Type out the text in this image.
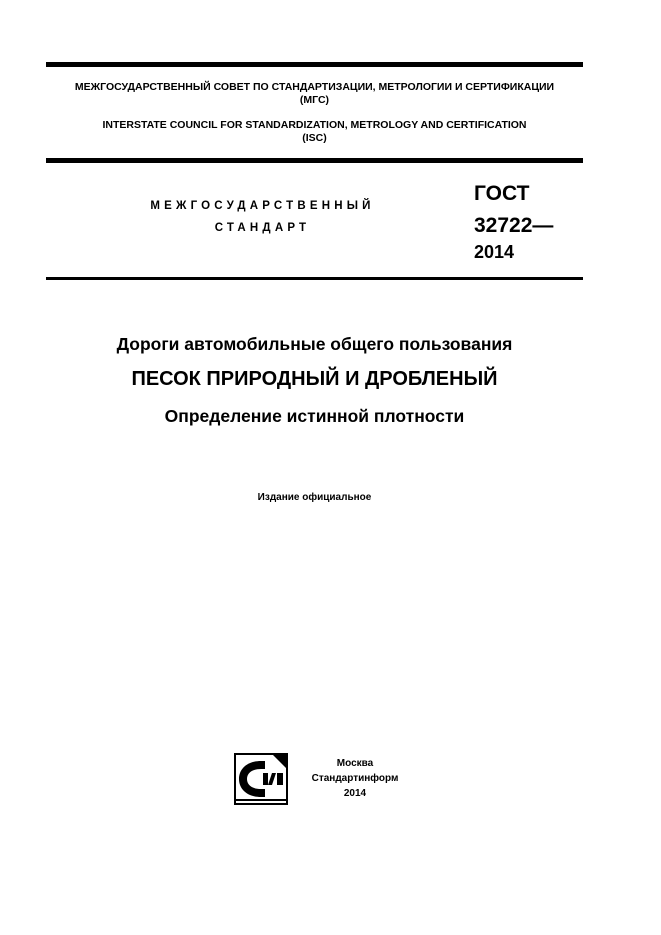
МЕЖГОСУДАРСТВЕННЫЙ СОВЕТ ПО СТАНДАРТИЗАЦИИ, МЕТРОЛОГИИ И СЕРТИФИКАЦИИ
(МГС)
INTERSTATE COUNCIL FOR STANDARDIZATION, METROLOGY AND CERTIFICATION
(ISC)
МЕЖГОСУДАРСТВЕННЫЙ
СТАНДАРТ
ГОСТ
32722—
2014
Дороги автомобильные общего пользования
ПЕСОК ПРИРОДНЫЙ И ДРОБЛЕНЫЙ
Определение истинной плотности
Издание официальное
Москва
Стандартинформ
2014
